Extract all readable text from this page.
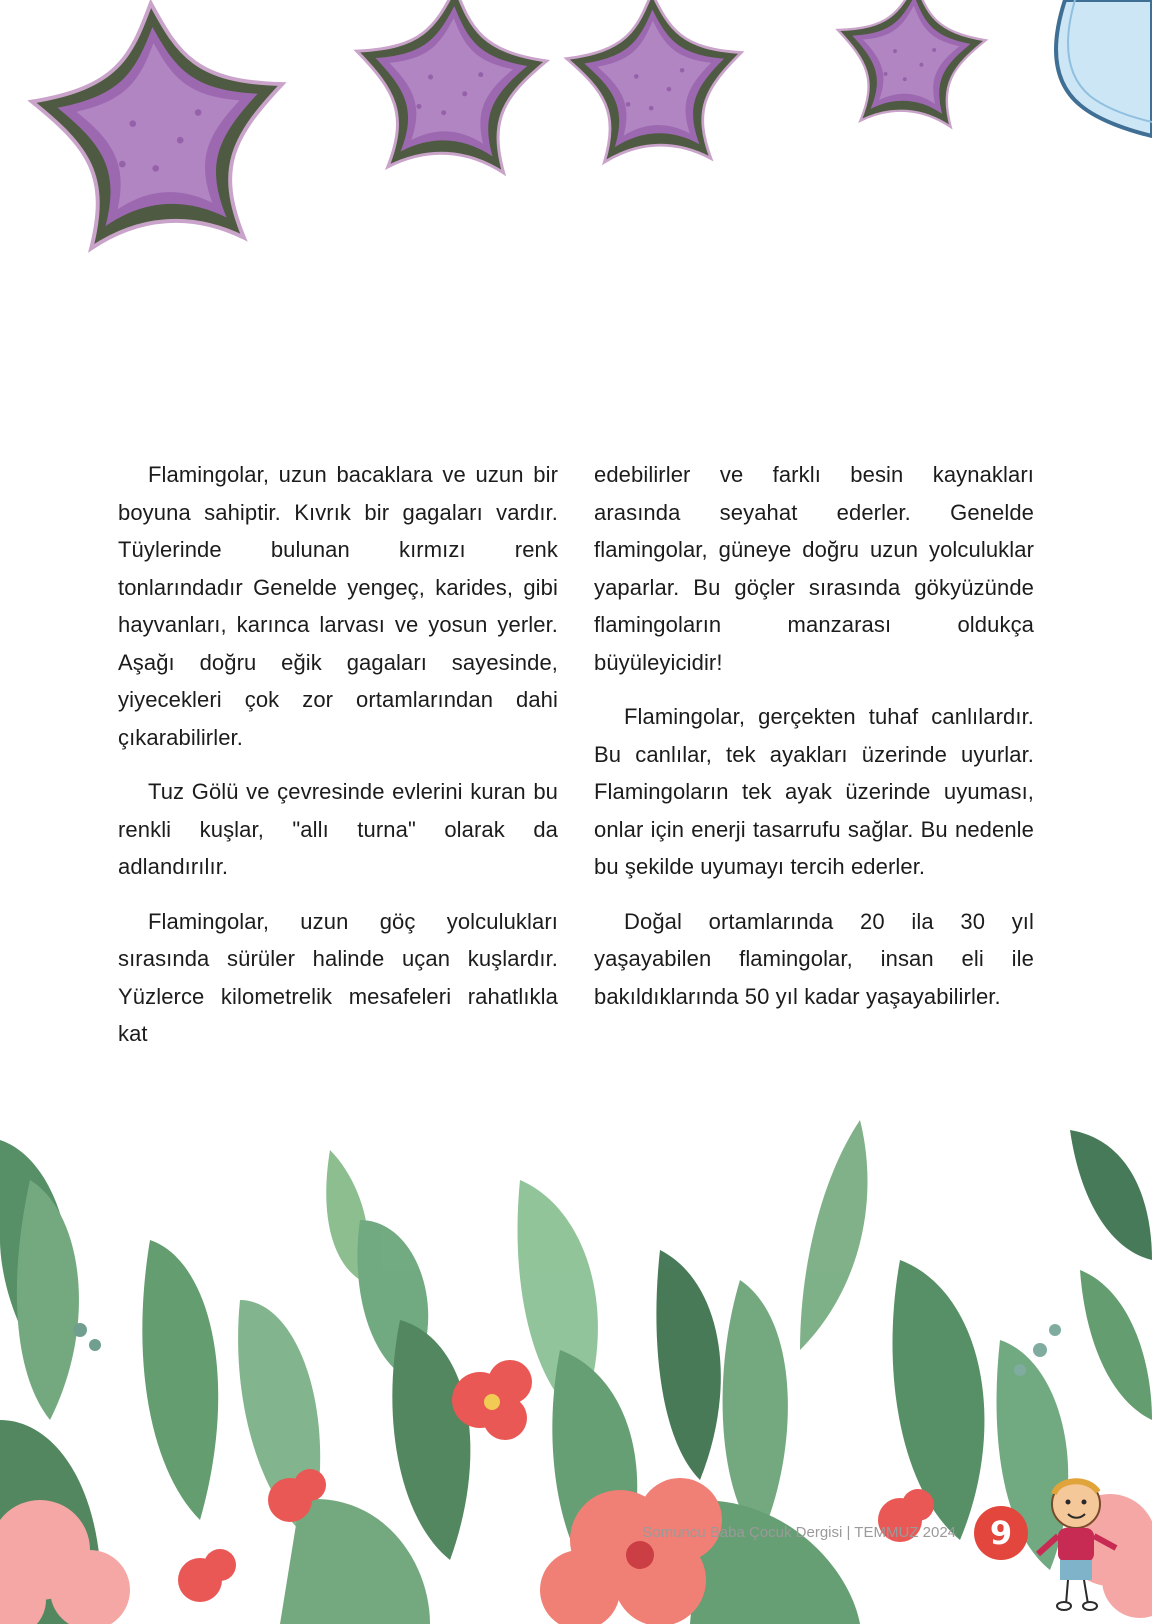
Flamingolar, uzun bacaklara ve uzun bir boyuna sahiptir. Kıvrık bir gagaları vardır. Tüylerinde bulunan kırmızı renk tonlarındadır Genelde yengeç, karides, gibi hayvanları, karınca larvası ve yosun yerler. Aşağı doğru eğik gagaları sayesinde, yiyecekleri çok zor ortamlarından dahi çıkarabilirler.

Tuz Gölü ve çevresinde evlerini kuran bu renkli kuşlar, "allı turna" olarak da adlandırılır.

Flamingolar, uzun göç yolculukları sırasında sürüler halinde uçan kuşlardır. Yüzlerce kilometrelik mesafeleri rahatlıkla kat

edebilirler ve farklı besin kaynakları arasında seyahat ederler. Genelde flamingolar, güneye doğru uzun yolculuklar yaparlar. Bu göçler sırasında gökyüzünde flamingoların manzarası oldukça büyüleyicidir!

Flamingolar, gerçekten tuhaf canlılardır. Bu canlılar, tek ayakları üzerinde uyurlar. Flamingoların tek ayak üzerinde uyuması, onlar için enerji tasarrufu sağlar. Bu nedenle bu şekilde uyumayı tercih ederler.

Doğal ortamlarında 20 ila 30 yıl yaşayabilen flamingolar, insan eli ile bakıldıklarında 50 yıl kadar yaşayabilirler.

Somuncu Baba Çocuk Dergisi | TEMMUZ 2024	9
